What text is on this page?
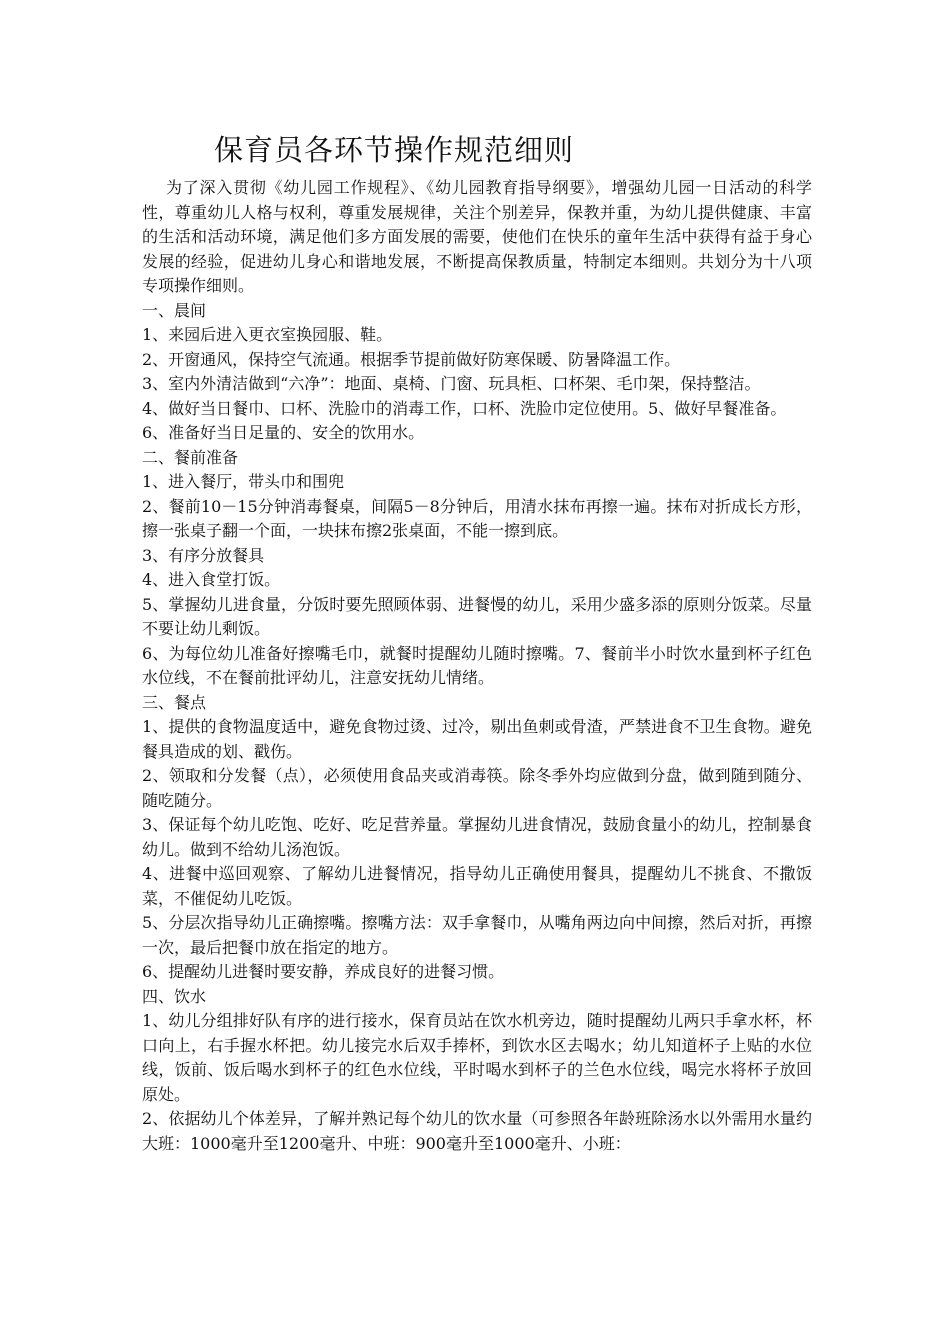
保育员各环节操作规范细则

为了深入贯彻《幼儿园工作规程》、《幼儿园教育指导纲要》，增强幼儿园一日活动的科学性，尊重幼儿人格与权利，尊重发展规律，关注个别差异，保教并重，为幼儿提供健康、丰富的生活和活动环境，满足他们多方面发展的需要，使他们在快乐的童年生活中获得有益于身心发展的经验，促进幼儿身心和谐地发展，不断提高保教质量，特制定本细则。共划分为十八项专项操作细则。

一、晨间

1、来园后进入更衣室换园服、鞋。

2、开窗通风，保持空气流通。根据季节提前做好防寒保暖、防暑降温工作。

3、室内外清洁做到“六净”：地面、桌椅、门窗、玩具柜、口杯架、毛巾架，保持整洁。

4、做好当日餐巾、口杯、洗脸巾的消毒工作，口杯、洗脸巾定位使用。5、做好早餐准备。

6、准备好当日足量的、安全的饮用水。

二、餐前准备

1、进入餐厅，带头巾和围兜

2、餐前10－15分钟消毒餐桌，间隔5－8分钟后，用清水抹布再擦一遍。抹布对折成长方形，擦一张桌子翻一个面，一块抹布擦2张桌面，不能一擦到底。

3、有序分放餐具

4、进入食堂打饭。

5、掌握幼儿进食量，分饭时要先照顾体弱、进餐慢的幼儿，采用少盛多添的原则分饭菜。尽量不要让幼儿剩饭。

6、为每位幼儿准备好擦嘴毛巾，就餐时提醒幼儿随时擦嘴。7、餐前半小时饮水量到杯子红色水位线，不在餐前批评幼儿，注意安抚幼儿情绪。

三、餐点

1、提供的食物温度适中，避免食物过烫、过冷，剔出鱼刺或骨渣，严禁进食不卫生食物。避免餐具造成的划、戳伤。

2、领取和分发餐（点），必须使用食品夹或消毒筷。除冬季外均应做到分盘，做到随到随分、随吃随分。

3、保证每个幼儿吃饱、吃好、吃足营养量。掌握幼儿进食情况，鼓励食量小的幼儿，控制暴食幼儿。做到不给幼儿汤泡饭。

4、进餐中巡回观察、了解幼儿进餐情况，指导幼儿正确使用餐具，提醒幼儿不挑食、不撒饭菜，不催促幼儿吃饭。

5、分层次指导幼儿正确擦嘴。擦嘴方法：双手拿餐巾，从嘴角两边向中间擦，然后对折，再擦一次，最后把餐巾放在指定的地方。

6、提醒幼儿进餐时要安静，养成良好的进餐习惯。

四、饮水

1、幼儿分组排好队有序的进行接水，保育员站在饮水机旁边，随时提醒幼儿两只手拿水杯，杯口向上，右手握水杯把。幼儿接完水后双手捧杯，到饮水区去喝水；幼儿知道杯子上贴的水位线，饭前、饭后喝水到杯子的红色水位线，平时喝水到杯子的兰色水位线，喝完水将杯子放回原处。

2、依据幼儿个体差异，了解并熟记每个幼儿的饮水量（可参照各年龄班除汤水以外需用水量约大班：1000毫升至1200毫升、中班：900毫升至1000毫升、小班：
